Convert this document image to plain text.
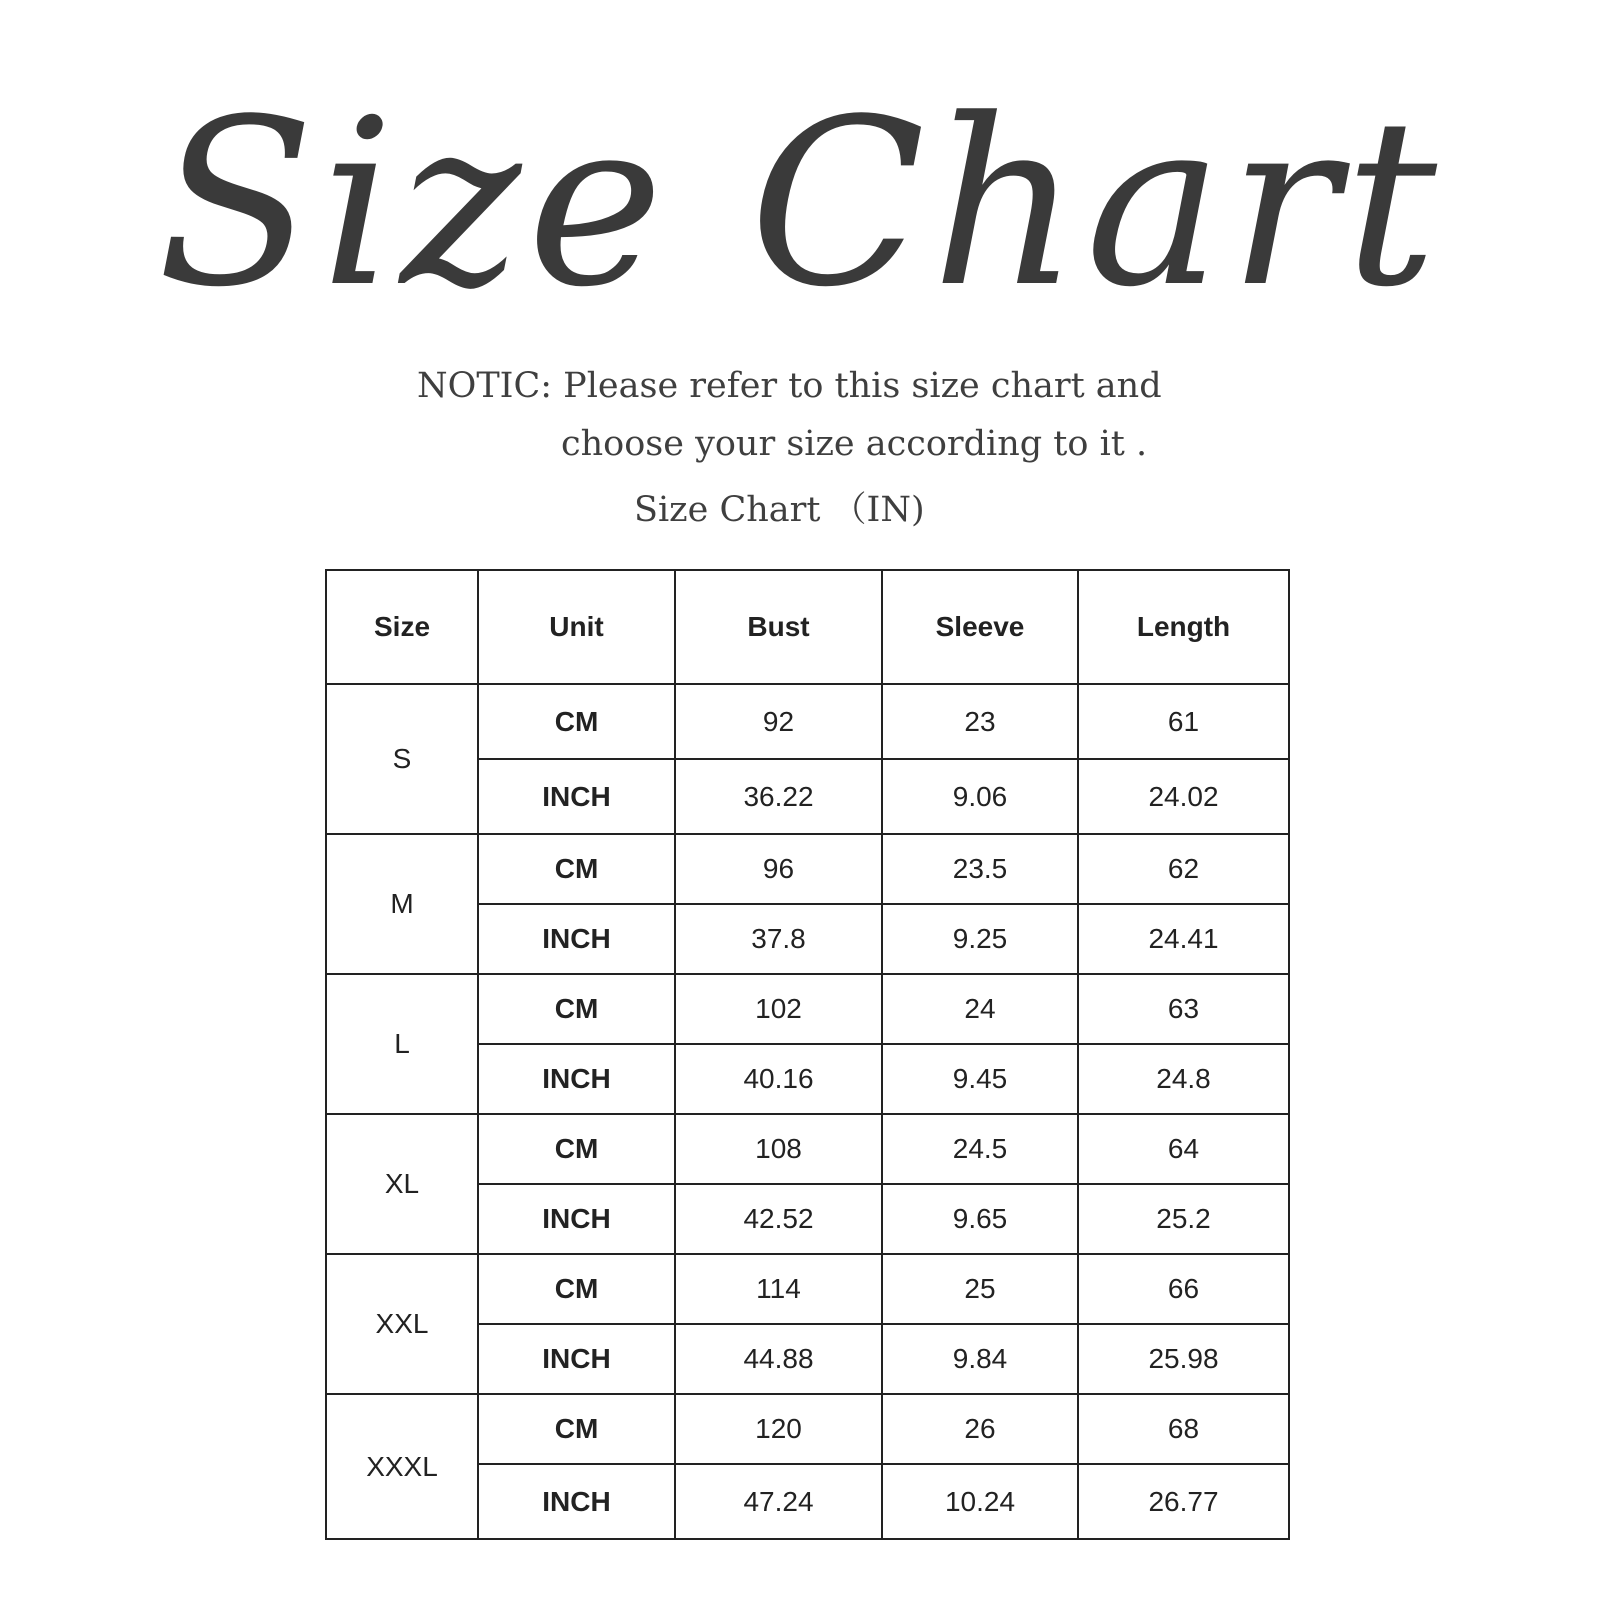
Size Chart
NOTIC: Please refer to this size chart and
choose your size according to it .
Size Chart （IN)
Size	Unit	Bust	Sleeve	Length
S	CM	92	23	61
	INCH	36.22	9.06	24.02
M	CM	96	23.5	62
	INCH	37.8	9.25	24.41
L	CM	102	24	63
	INCH	40.16	9.45	24.8
XL	CM	108	24.5	64
	INCH	42.52	9.65	25.2
XXL	CM	114	25	66
	INCH	44.88	9.84	25.98
XXXL	CM	120	26	68
	INCH	47.24	10.24	26.77
